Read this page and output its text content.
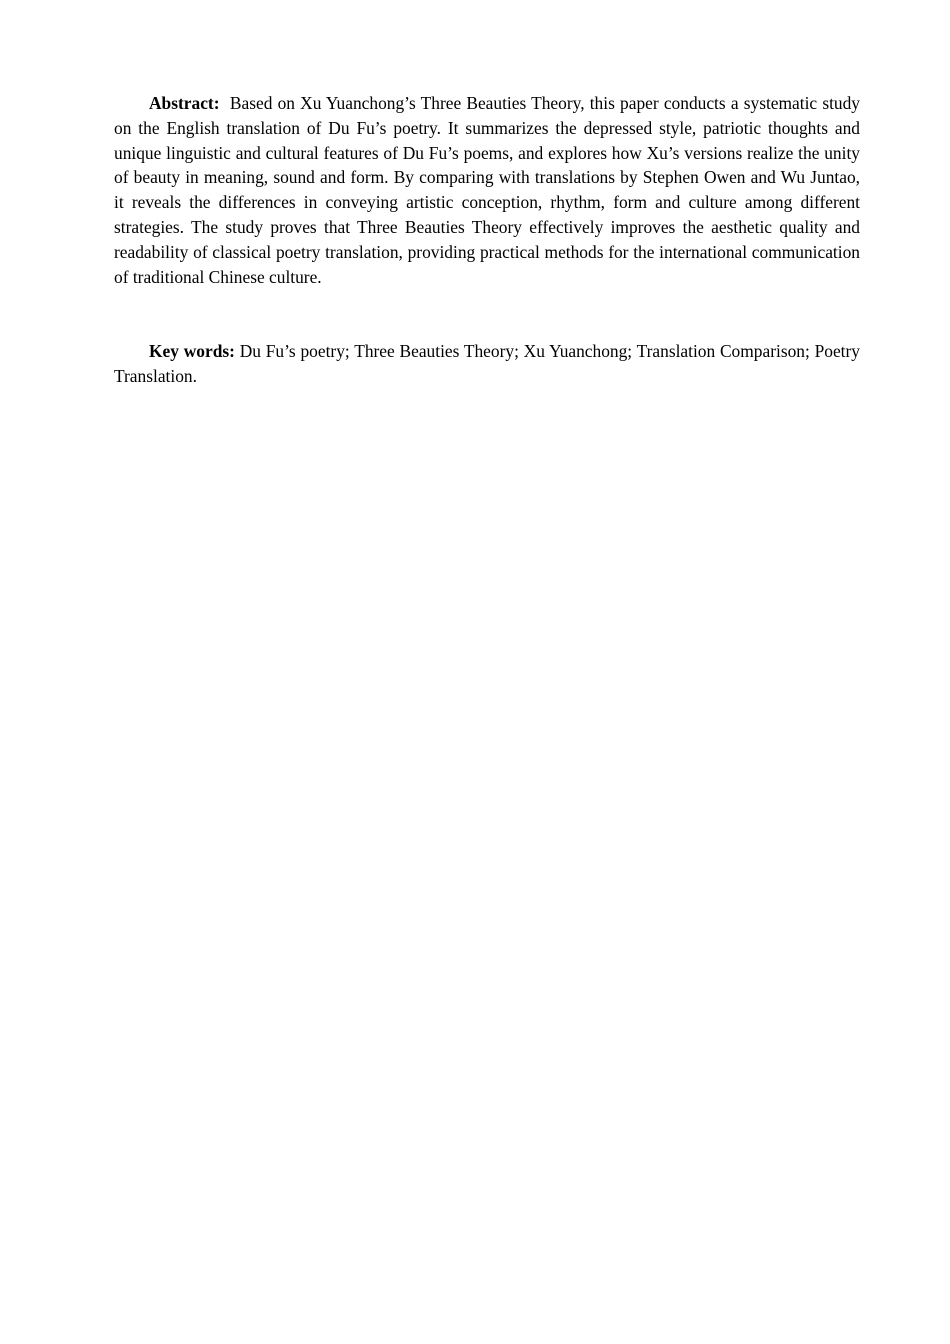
Abstract: Based on Xu Yuanchong’s Three Beauties Theory, this paper conducts a systematic study on the English translation of Du Fu’s poetry. It summarizes the depressed style, patriotic thoughts and unique linguistic and cultural features of Du Fu’s poems, and explores how Xu’s versions realize the unity of beauty in meaning, sound and form. By comparing with translations by Stephen Owen and Wu Juntao, it reveals the differences in conveying artistic conception, rhythm, form and culture among different strategies. The study proves that Three Beauties Theory effectively improves the aesthetic quality and readability of classical poetry translation, providing practical methods for the international communication of traditional Chinese culture.

Key words: Du Fu’s poetry; Three Beauties Theory; Xu Yuanchong; Translation Comparison; Poetry Translation.
